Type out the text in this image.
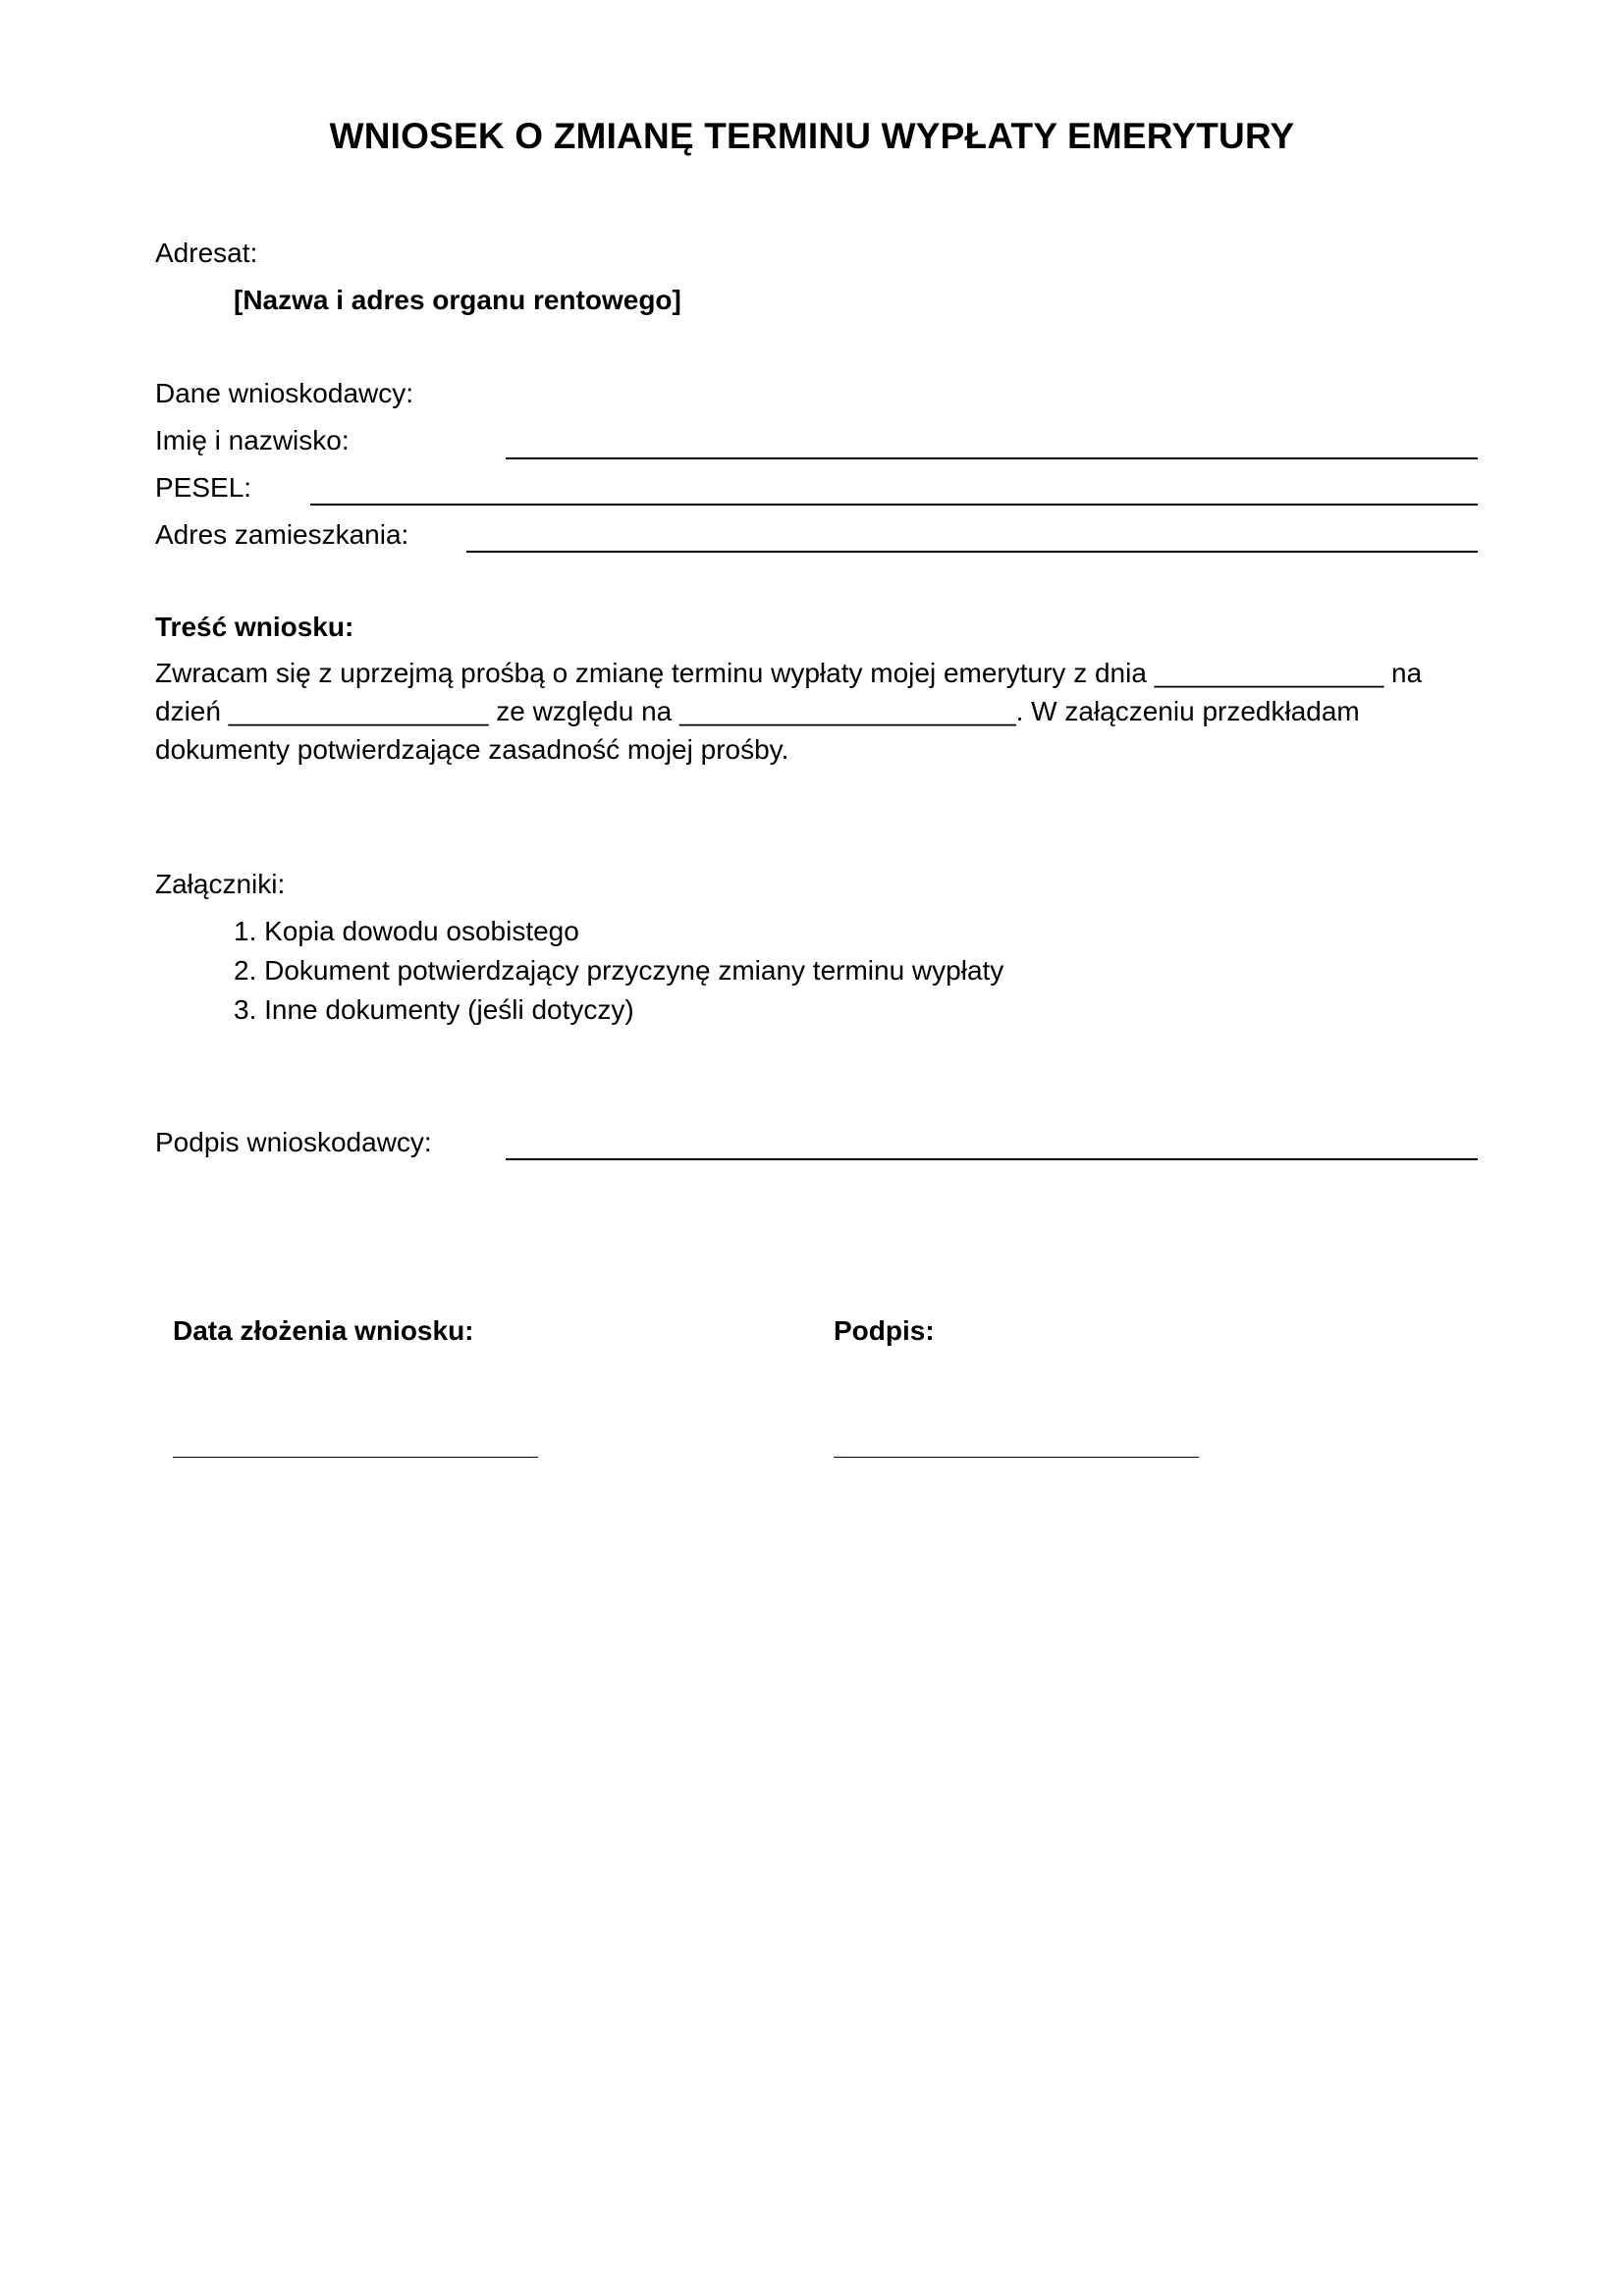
WNIOSEK O ZMIANĘ TERMINU WYPŁATY EMERYTURY
Adresat:
[Nazwa i adres organu rentowego]
Dane wnioskodawcy:
Imię i nazwisko:
PESEL:
Adres zamieszkania:
Treść wniosku:
Zwracam się z uprzejmą prośbą o zmianę terminu wypłaty mojej emerytury z dnia _______________ na
dzień _________________ ze względu na ______________________. W załączeniu przedkładam
dokumenty potwierdzające zasadność mojej prośby.
Załączniki:
1. Kopia dowodu osobistego
2. Dokument potwierdzający przyczynę zmiany terminu wypłaty
3. Inne dokumenty (jeśli dotyczy)
Podpis wnioskodawcy:
Data złożenia wniosku:	Podpis:
